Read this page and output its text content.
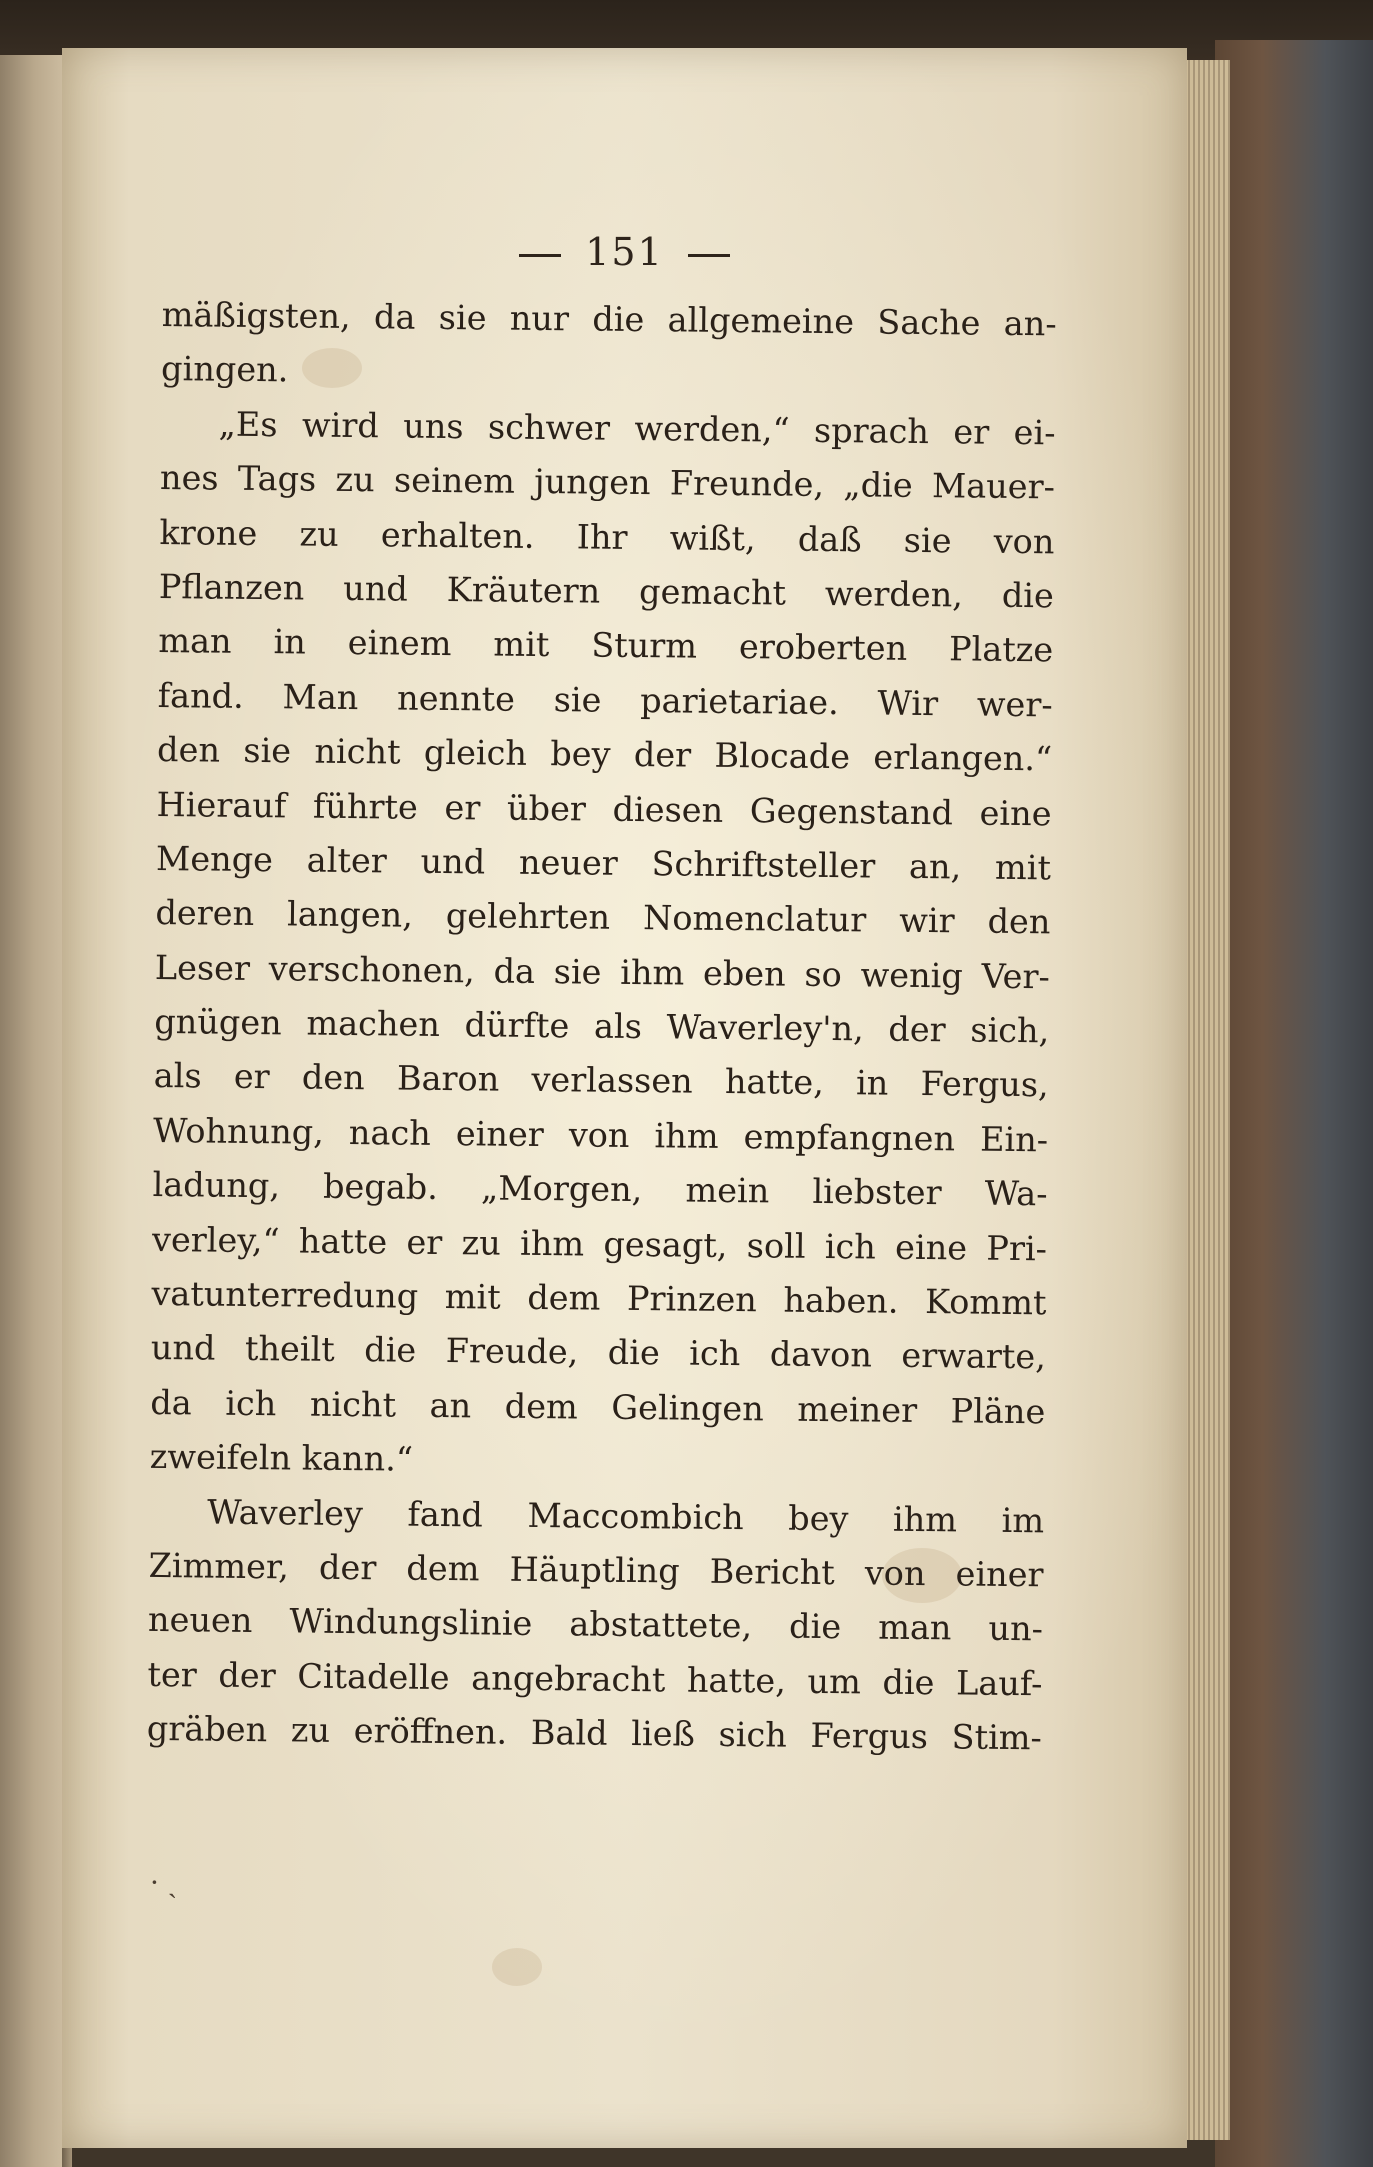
151
mäßigsten, da sie nur die allgemeine Sache an-
gingen.
„Es wird uns schwer werden,“ sprach er ei-
nes Tags zu seinem jungen Freunde, „die Mauer-
krone zu erhalten. Ihr wißt, daß sie von
Pflanzen und Kräutern gemacht werden, die
man in einem mit Sturm eroberten Platze
fand. Man nennte sie parietariae. Wir wer-
den sie nicht gleich bey der Blocade erlangen.“
Hierauf führte er über diesen Gegenstand eine
Menge alter und neuer Schriftsteller an, mit
deren langen, gelehrten Nomenclatur wir den
Leser verschonen, da sie ihm eben so wenig Ver-
gnügen machen dürfte als Waverley'n, der sich,
als er den Baron verlassen hatte, in Fergus,
Wohnung, nach einer von ihm empfangnen Ein-
ladung, begab. „Morgen, mein liebster Wa-
verley,“ hatte er zu ihm gesagt, soll ich eine Pri-
vatunterredung mit dem Prinzen haben. Kommt
und theilt die Freude, die ich davon erwarte,
da ich nicht an dem Gelingen meiner Pläne
zweifeln kann.“
Waverley fand Maccombich bey ihm im
Zimmer, der dem Häuptling Bericht von einer
neuen Windungslinie abstattete, die man un-
ter der Citadelle angebracht hatte, um die Lauf-
gräben zu eröffnen. Bald ließ sich Fergus Stim-
· ˏ
